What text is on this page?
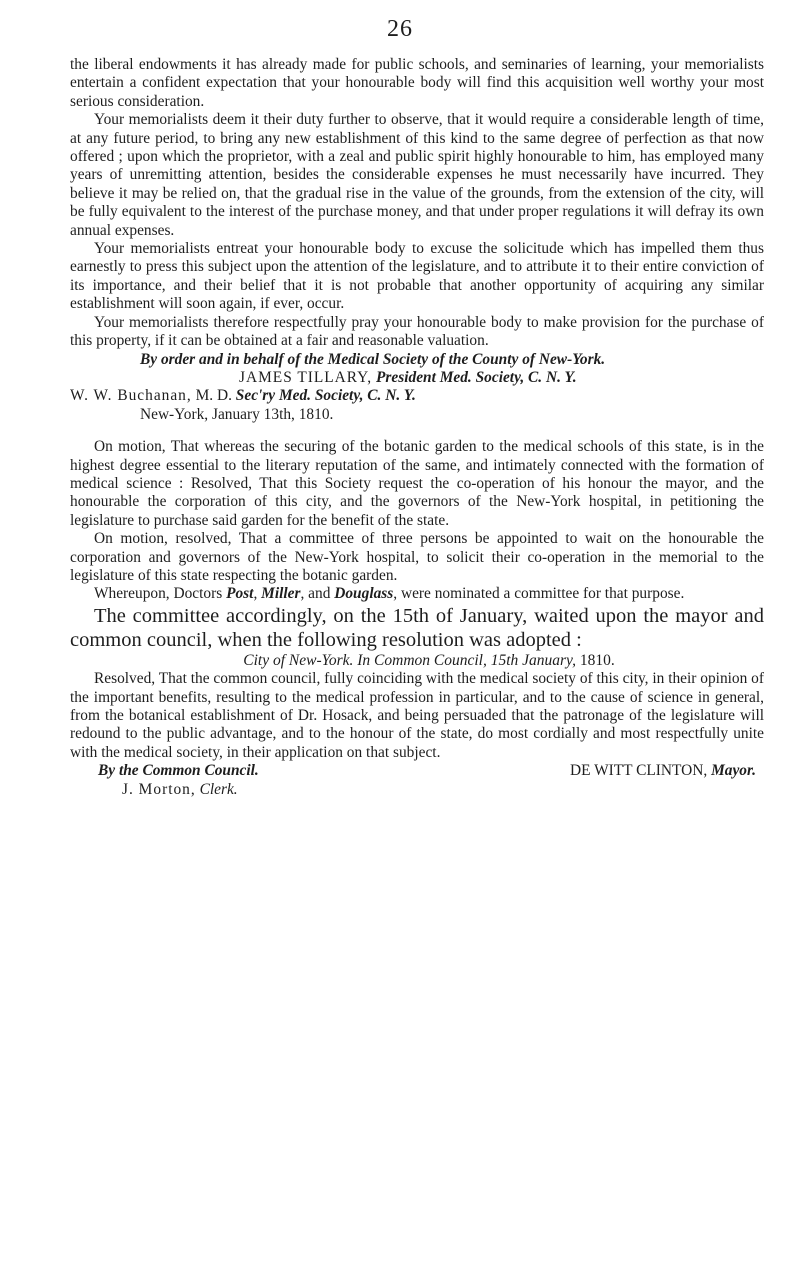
26

the liberal endowments it has already made for public schools, and seminaries of learning, your memorialists entertain a confident expectation that your honourable body will find this acquisition well worthy your most serious consideration.

Your memorialists deem it their duty further to observe, that it would require a considerable length of time, at any future period, to bring any new establishment of this kind to the same degree of perfection as that now offered ; upon which the proprietor, with a zeal and public spirit highly honourable to him, has employed many years of unremitting attention, besides the considerable expenses he must necessarily have incurred. They believe it may be relied on, that the gradual rise in the value of the grounds, from the extension of the city, will be fully equivalent to the interest of the purchase money, and that under proper regulations it will defray its own annual expenses.

Your memorialists entreat your honourable body to excuse the solicitude which has impelled them thus earnestly to press this subject upon the attention of the legislature, and to attribute it to their entire conviction of its importance, and their belief that it is not probable that another opportunity of acquiring any similar establishment will soon again, if ever, occur.

Your memorialists therefore respectfully pray your honourable body to make provision for the purchase of this property, if it can be obtained at a fair and reasonable valuation.

By order and in behalf of the Medical Society of the County of New-York.

JAMES TILLARY, President Med. Society, C. N. Y.

W. W. Buchanan, M. D. Sec'ry Med. Society, C. N. Y.

New-York, January 13th, 1810.

On motion, That whereas the securing of the botanic garden to the medical schools of this state, is in the highest degree essential to the literary reputation of the same, and intimately connected with the formation of medical science : Resolved, That this Society request the co-operation of his honour the mayor, and the honourable the corporation of this city, and the governors of the New-York hospital, in petitioning the legislature to purchase said garden for the benefit of the state.

On motion, resolved, That a committee of three persons be appointed to wait on the honourable the corporation and governors of the New-York hospital, to solicit their co-operation in the memorial to the legislature of this state respecting the botanic garden.

Whereupon, Doctors Post, Miller, and Douglass, were nominated a committee for that purpose.

The committee accordingly, on the 15th of January, waited upon the mayor and common council, when the following resolution was adopted :

City of New-York. In Common Council, 15th January, 1810.

Resolved, That the common council, fully coinciding with the medical society of this city, in their opinion of the important benefits, resulting to the medical profession in particular, and to the cause of science in general, from the botanical establishment of Dr. Hosack, and being persuaded that the patronage of the legislature will redound to the public advantage, and to the honour of the state, do most cordially and most respectfully unite with the medical society, in their application on that subject.

By the Common Council.	DE WITT CLINTON, Mayor.

J. Morton, Clerk.
